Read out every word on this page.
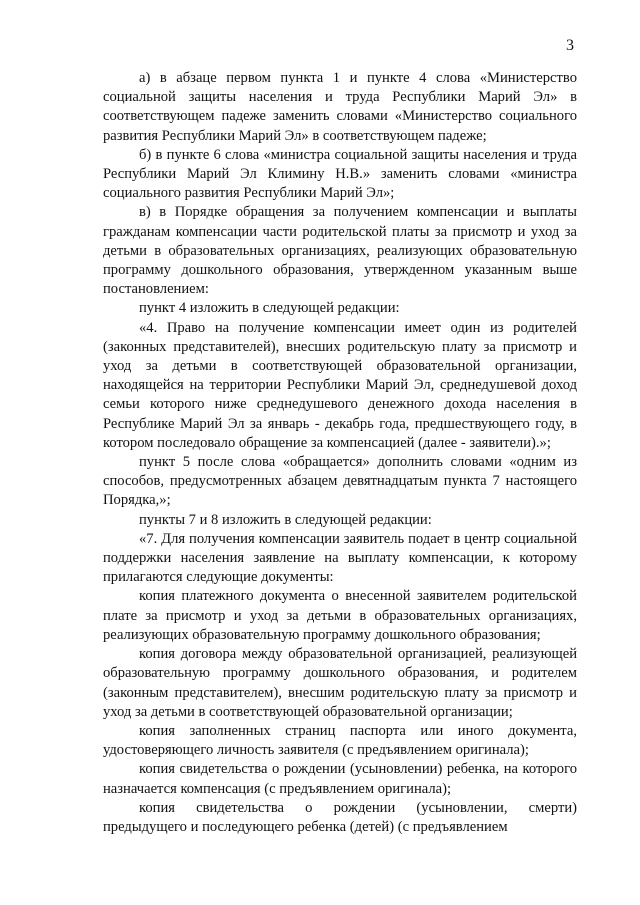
3

а) в абзаце первом пункта 1 и пункте 4 слова «Министерство социальной защиты населения и труда Республики Марий Эл» в соответствующем падеже заменить словами «Министерство социального развития Республики Марий Эл» в соответствующем падеже;

б) в пункте 6 слова «министра социальной защиты населения и труда Республики Марий Эл Климину Н.В.» заменить словами «министра социального развития Республики Марий Эл»;

в) в Порядке обращения за получением компенсации и выплаты гражданам компенсации части родительской платы за присмотр и уход за детьми в образовательных организациях, реализующих образовательную программу дошкольного образования, утвержденном указанным выше постановлением:

пункт 4 изложить в следующей редакции:

«4. Право на получение компенсации имеет один из родителей (законных представителей), внесших родительскую плату за присмотр и уход за детьми в соответствующей образовательной организации, находящейся на территории Республики Марий Эл, среднедушевой доход семьи которого ниже среднедушевого денежного дохода населения в Республике Марий Эл за январь - декабрь года, предшествующего году, в котором последовало обращение за компенсацией (далее - заявители).»;

пункт 5 после слова «обращается» дополнить словами «одним из способов, предусмотренных абзацем девятнадцатым пункта 7 настоящего Порядка,»;

пункты 7 и 8 изложить в следующей редакции:

«7. Для получения компенсации заявитель подает в центр социальной поддержки населения заявление на выплату компенсации, к которому прилагаются следующие документы:

копия платежного документа о внесенной заявителем родительской плате за присмотр и уход за детьми в образовательных организациях, реализующих образовательную программу дошкольного образования;

копия договора между образовательной организацией, реализующей образовательную программу дошкольного образования, и родителем (законным представителем), внесшим родительскую плату за присмотр и уход за детьми в соответствующей образовательной организации;

копия заполненных страниц паспорта или иного документа, удостоверяющего личность заявителя (с предъявлением оригинала);

копия свидетельства о рождении (усыновлении) ребенка, на которого назначается компенсация (с предъявлением оригинала);

копия свидетельства о рождении (усыновлении, смерти) предыдущего и последующего ребенка (детей) (с предъявлением
